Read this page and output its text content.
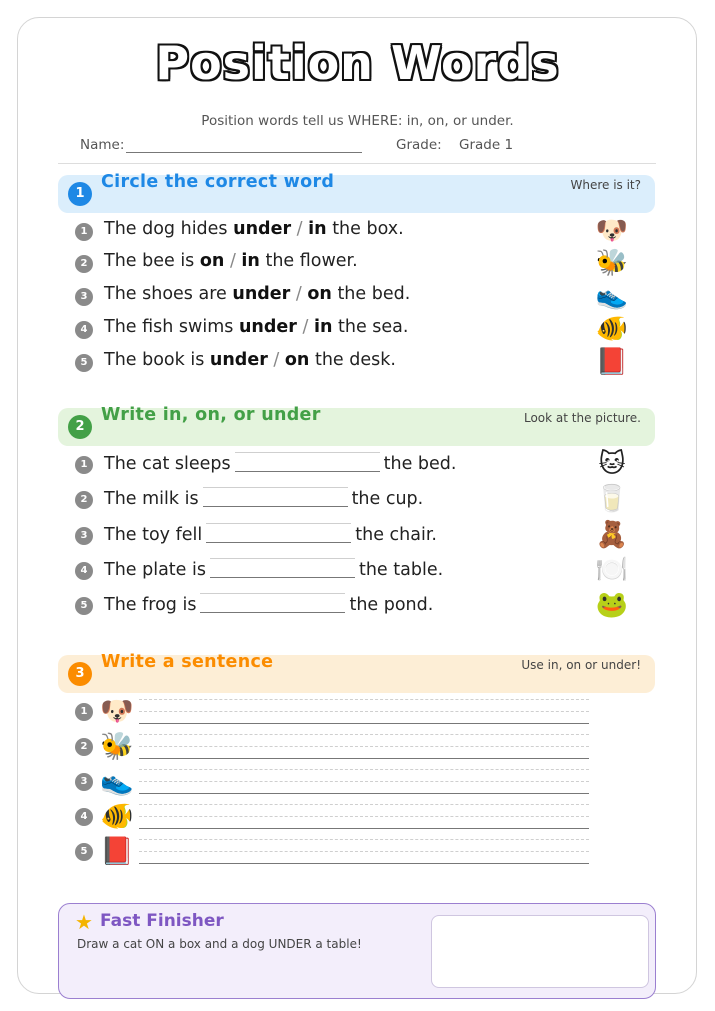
Position Words
Position words tell us WHERE: in, on, or under.
Name:	Grade: Grade 1
1
Circle the correct word	Where is it?
1 The dog hides under / in the box.	🐶
2 The bee is on / in the flower.	🐝
3 The shoes are under / on the bed.	👟
4 The fish swims under / in the sea.	🐠
5 The book is under / on the desk.	📕
2
Write in, on, or under	Look at the picture.
1 The cat sleeps	the bed.	🐱
2 The milk is	the cup.	🥛
3 The toy fell	the chair.	🧸
4 The plate is	the table.	🍽️
5 The frog is	the pond.	🐸
3
Write a sentence	Use in, on or under!
1 🐶
2 🐝
3 👟
4 🐠
5 📕
★ Fast Finisher
Draw a cat ON a box and a dog UNDER a table!
